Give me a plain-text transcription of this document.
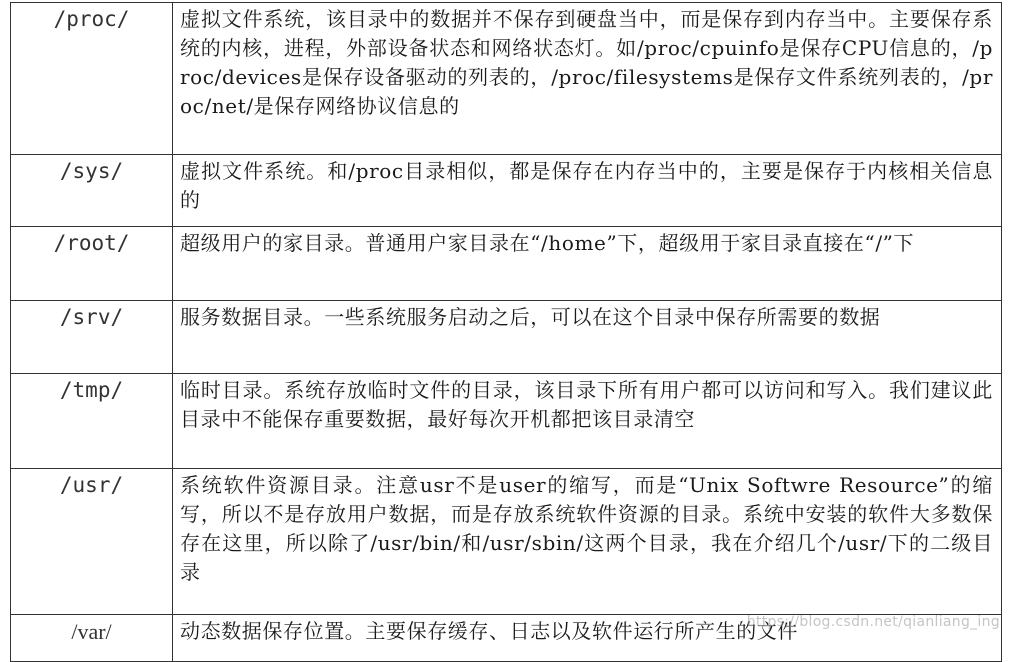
/proc/	虚拟文件系统，该目录中的数据并不保存到硬盘当中，而是保存到内存当中。主要保存系统的内核，进程，外部设备状态和网络状态灯。如/proc/cpuinfo是保存CPU信息的，/proc/devices是保存设备驱动的列表的，/proc/filesystems是保存文件系统列表的，/proc/net/是保存网络协议信息的

/sys/	虚拟文件系统。和/proc目录相似，都是保存在内存当中的，主要是保存于内核相关信息的

/root/	超级用户的家目录。普通用户家目录在“/home”下，超级用于家目录直接在“/”下

/srv/	服务数据目录。一些系统服务启动之后，可以在这个目录中保存所需要的数据

/tmp/	临时目录。系统存放临时文件的目录，该目录下所有用户都可以访问和写入。我们建议此目录中不能保存重要数据，最好每次开机都把该目录清空

/usr/	系统软件资源目录。注意usr不是user的缩写，而是“Unix Softwre Resource”的缩写，所以不是存放用户数据，而是存放系统软件资源的目录。系统中安装的软件大多数保存在这里，所以除了/usr/bin/和/usr/sbin/这两个目录，我在介绍几个/usr/下的二级目录

/var/	动态数据保存位置。主要保存缓存、日志以及软件运行所产生的文件
https://blog.csdn.net/qianliang_ing
